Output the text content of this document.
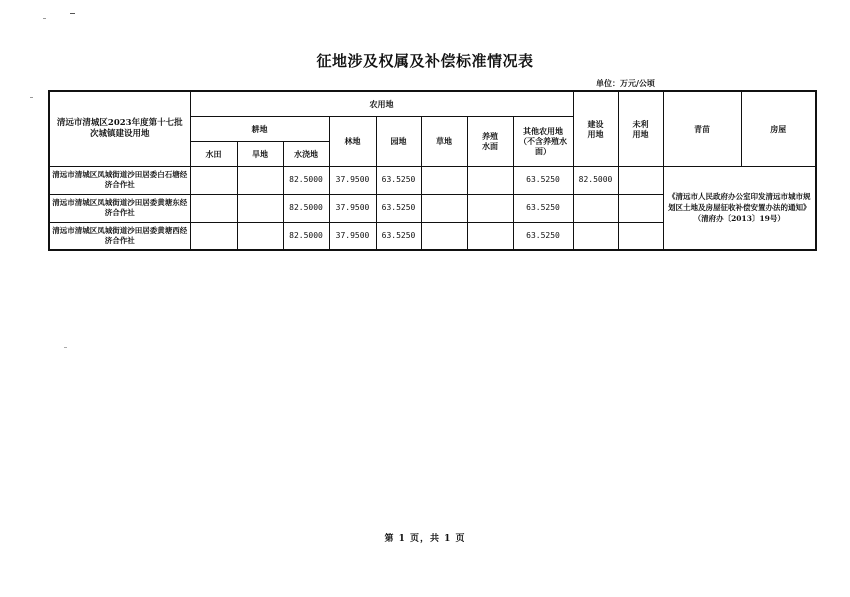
征地涉及权属及补偿标准情况表
单位：万元/公顷
清远市清城区2023年度第十七批次城镇建设用地	农用地								建设用地	未利用地	青苗	房屋
	耕地			林地	园地	草地	养殖水面	其他农用地（不含养殖水面）				
	水田	旱地	水浇地									
清远市清城区凤城街道沙田居委白石塘经济合作社			82.5000	37.9500	63.5250			63.5250	82.5000		《清远市人民政府办公室印发清远市城市规划区土地及房屋征收补偿安置办法的通知》（清府办〔2013〕19号）	
清远市清城区凤城街道沙田居委黄塘东经济合作社			82.5000	37.9500	63.5250			63.5250				
清远市清城区凤城街道沙田居委黄塘西经济合作社			82.5000	37.9500	63.5250			63.5250				
第 1 页，共 1 页
